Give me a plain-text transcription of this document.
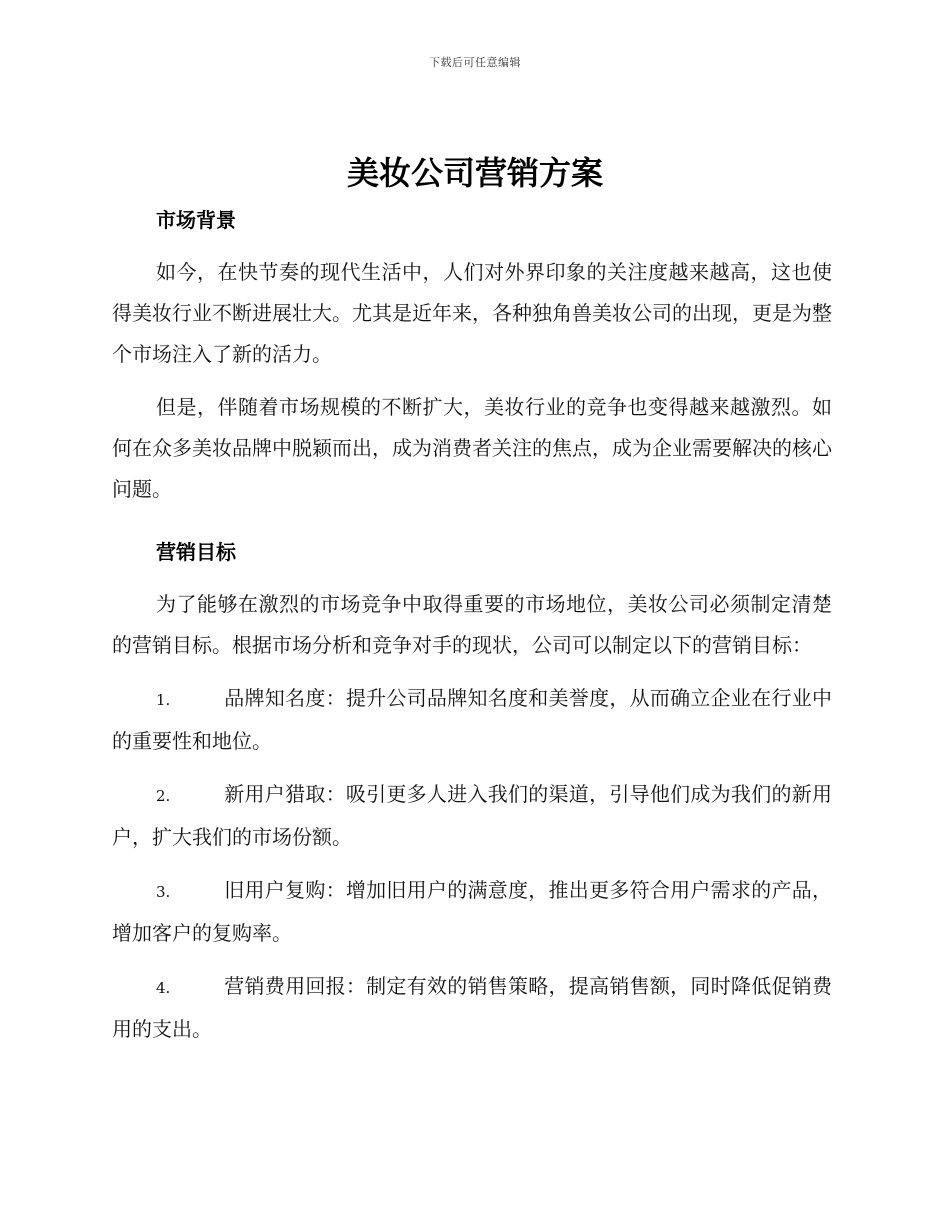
下载后可任意编辑
美妆公司营销方案
市场背景

如今，在快节奏的现代生活中，人们对外界印象的关注度越来越高，这也使得美妆行业不断进展壮大。尤其是近年来，各种独角兽美妆公司的出现，更是为整个市场注入了新的活力。

但是，伴随着市场规模的不断扩大，美妆行业的竞争也变得越来越激烈。如何在众多美妆品牌中脱颖而出，成为消费者关注的焦点，成为企业需要解决的核心问题。

营销目标

为了能够在激烈的市场竞争中取得重要的市场地位，美妆公司必须制定清楚的营销目标。根据市场分析和竞争对手的现状，公司可以制定以下的营销目标：

1.	品牌知名度：提升公司品牌知名度和美誉度，从而确立企业在行业中的重要性和地位。

2.	新用户猎取：吸引更多人进入我们的渠道，引导他们成为我们的新用户，扩大我们的市场份额。

3.	旧用户复购：增加旧用户的满意度，推出更多符合用户需求的产品，增加客户的复购率。

4.	营销费用回报：制定有效的销售策略，提高销售额，同时降低促销费用的支出。
